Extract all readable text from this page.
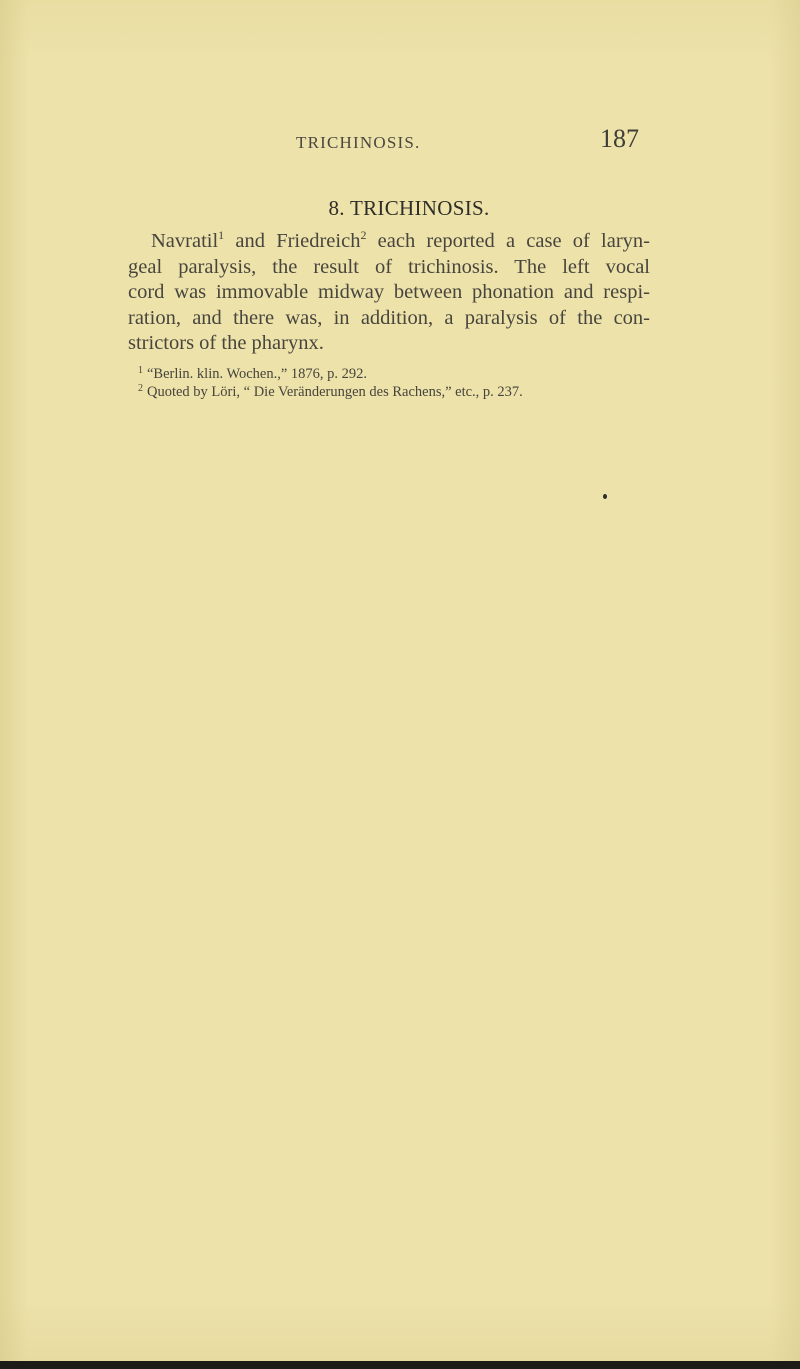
TRICHINOSIS.	187
8. TRICHINOSIS.
Navratil$^1$ and Friedreich$^2$ each reported a case of laryn-
geal paralysis, the result of trichinosis. The left vocal
cord was immovable midway between phonation and respi-
ration, and there was, in addition, a paralysis of the con-
strictors of the pharynx.
$^1$ “Berlin. klin. Wochen.,” 1876, p. 292.
$^2$ Quoted by Löri, “ Die Veränderungen des Rachens,” etc., p. 237.
